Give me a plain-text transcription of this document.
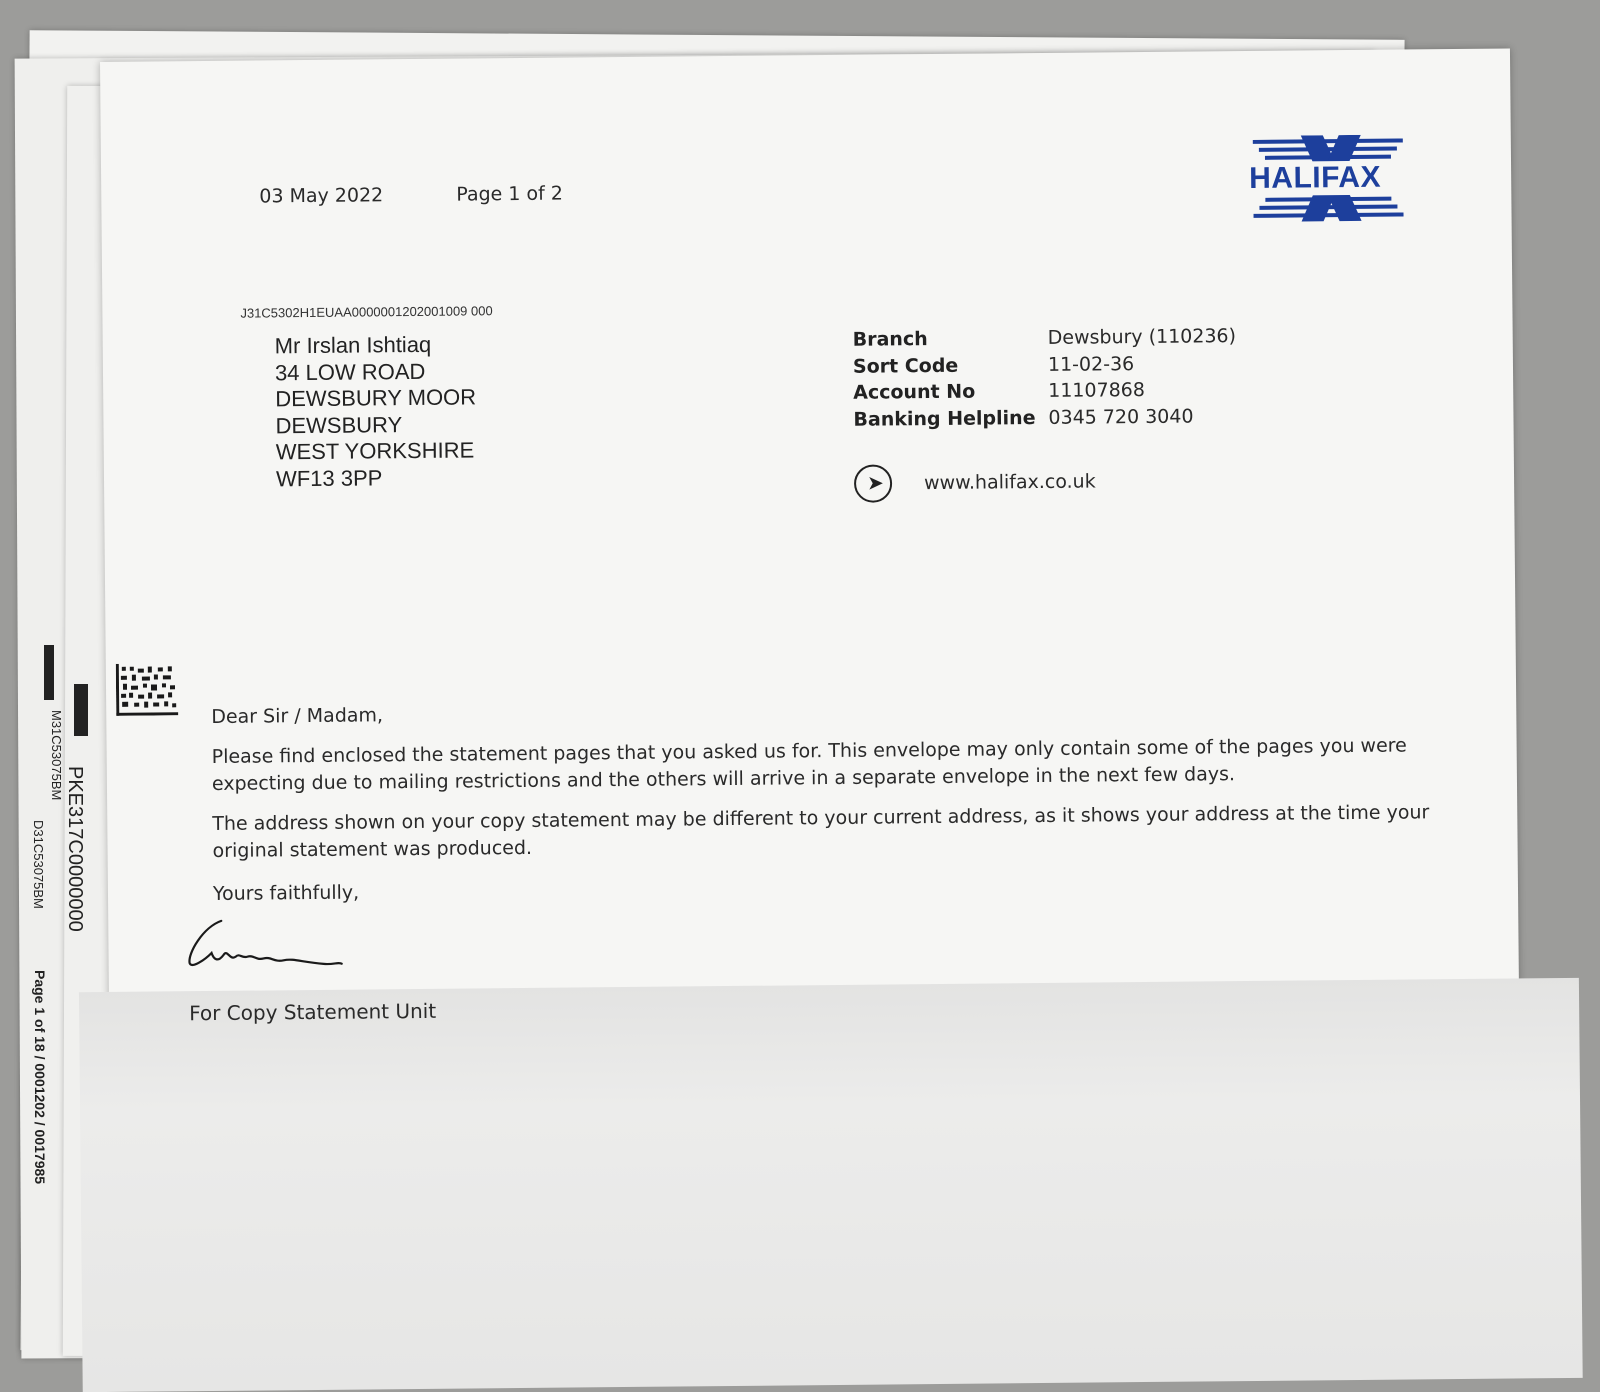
03 May 2022	Page 1 of 2	HALIFAX
J31C5302H1EUAA0000001202001009 000
Mr Irslan Ishtiaq
34 LOW ROAD
DEWSBURY MOOR
DEWSBURY
WEST YORKSHIRE
WF13 3PP
Branch	Dewsbury (110236)
Sort Code	11-02-36
Account No	11107868
Banking Helpline 0345 720 3040
➤ www.halifax.co.uk
Dear Sir / Madam,
Please find enclosed the statement pages that you asked us for. This envelope may only contain some of the pages you were
expecting due to mailing restrictions and the others will arrive in a separate envelope in the next few days.
The address shown on your copy statement may be different to your current address, as it shows your address at the time your
original statement was produced.
Yours faithfully,
For Copy Statement Unit
M31C53075BM
PKE317C0000000
D31C53075BM
Page 1 of 18 / 0001202 / 0017985
